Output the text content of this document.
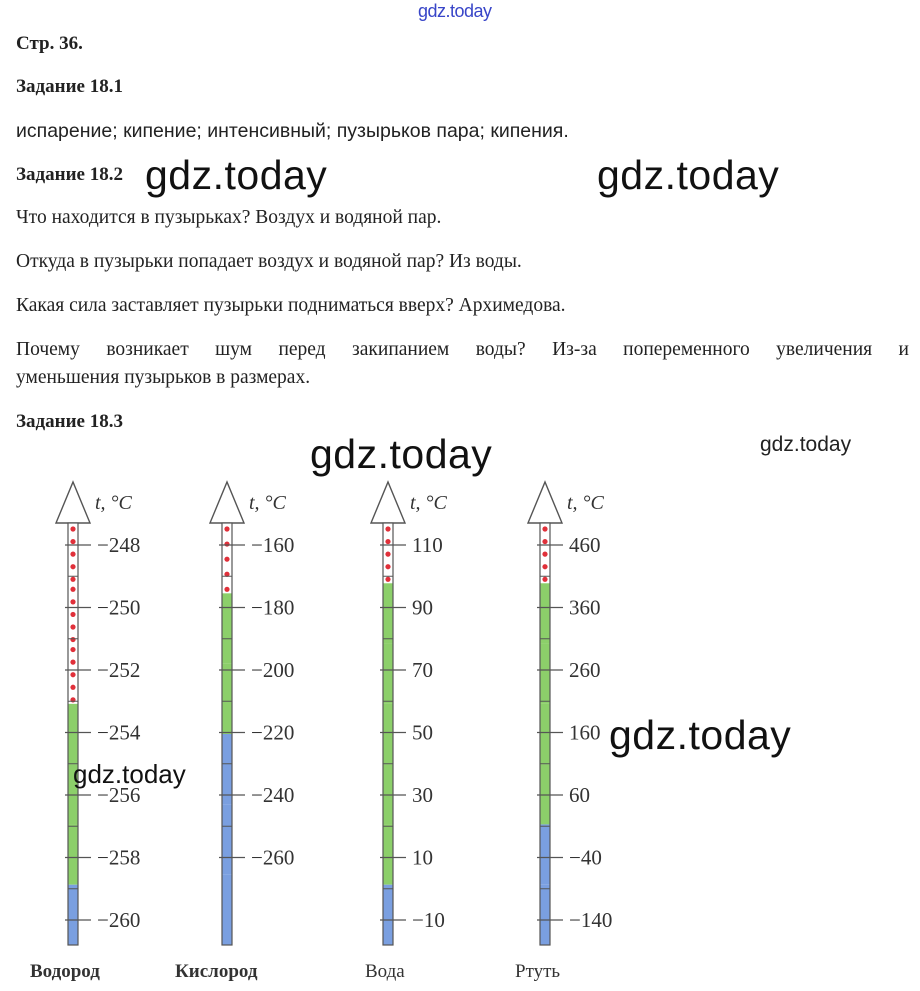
gdz.today
Стр. 36.
Задание 18.1
испарение; кипение; интенсивный; пузырьков пара; кипения.
Задание 18.2
Что находится в пузырьках? Воздух и водяной пар.
Откуда в пузырьки попадает воздух и водяной пар? Из воды.
Какая сила заставляет пузырьки подниматься вверх? Архимедова.
Почему возникает шум перед закипанием воды? Из-за попеременного увеличения и
уменьшения пузырьков в размерах.
Задание 18.3
t, °C
−248
−250
−252
−254
−256
−258
−260
Водород
t, °C
−160
−180
−200
−220
−240
−260
Кислород
t, °C
110
90
70
50
30
10
−10
Вода
t, °C
460
360
260
160
60
−40
−140
Ртуть
gdz.today	gdz.today
gdz.today
gdz.today
gdz.today
gdz.today
